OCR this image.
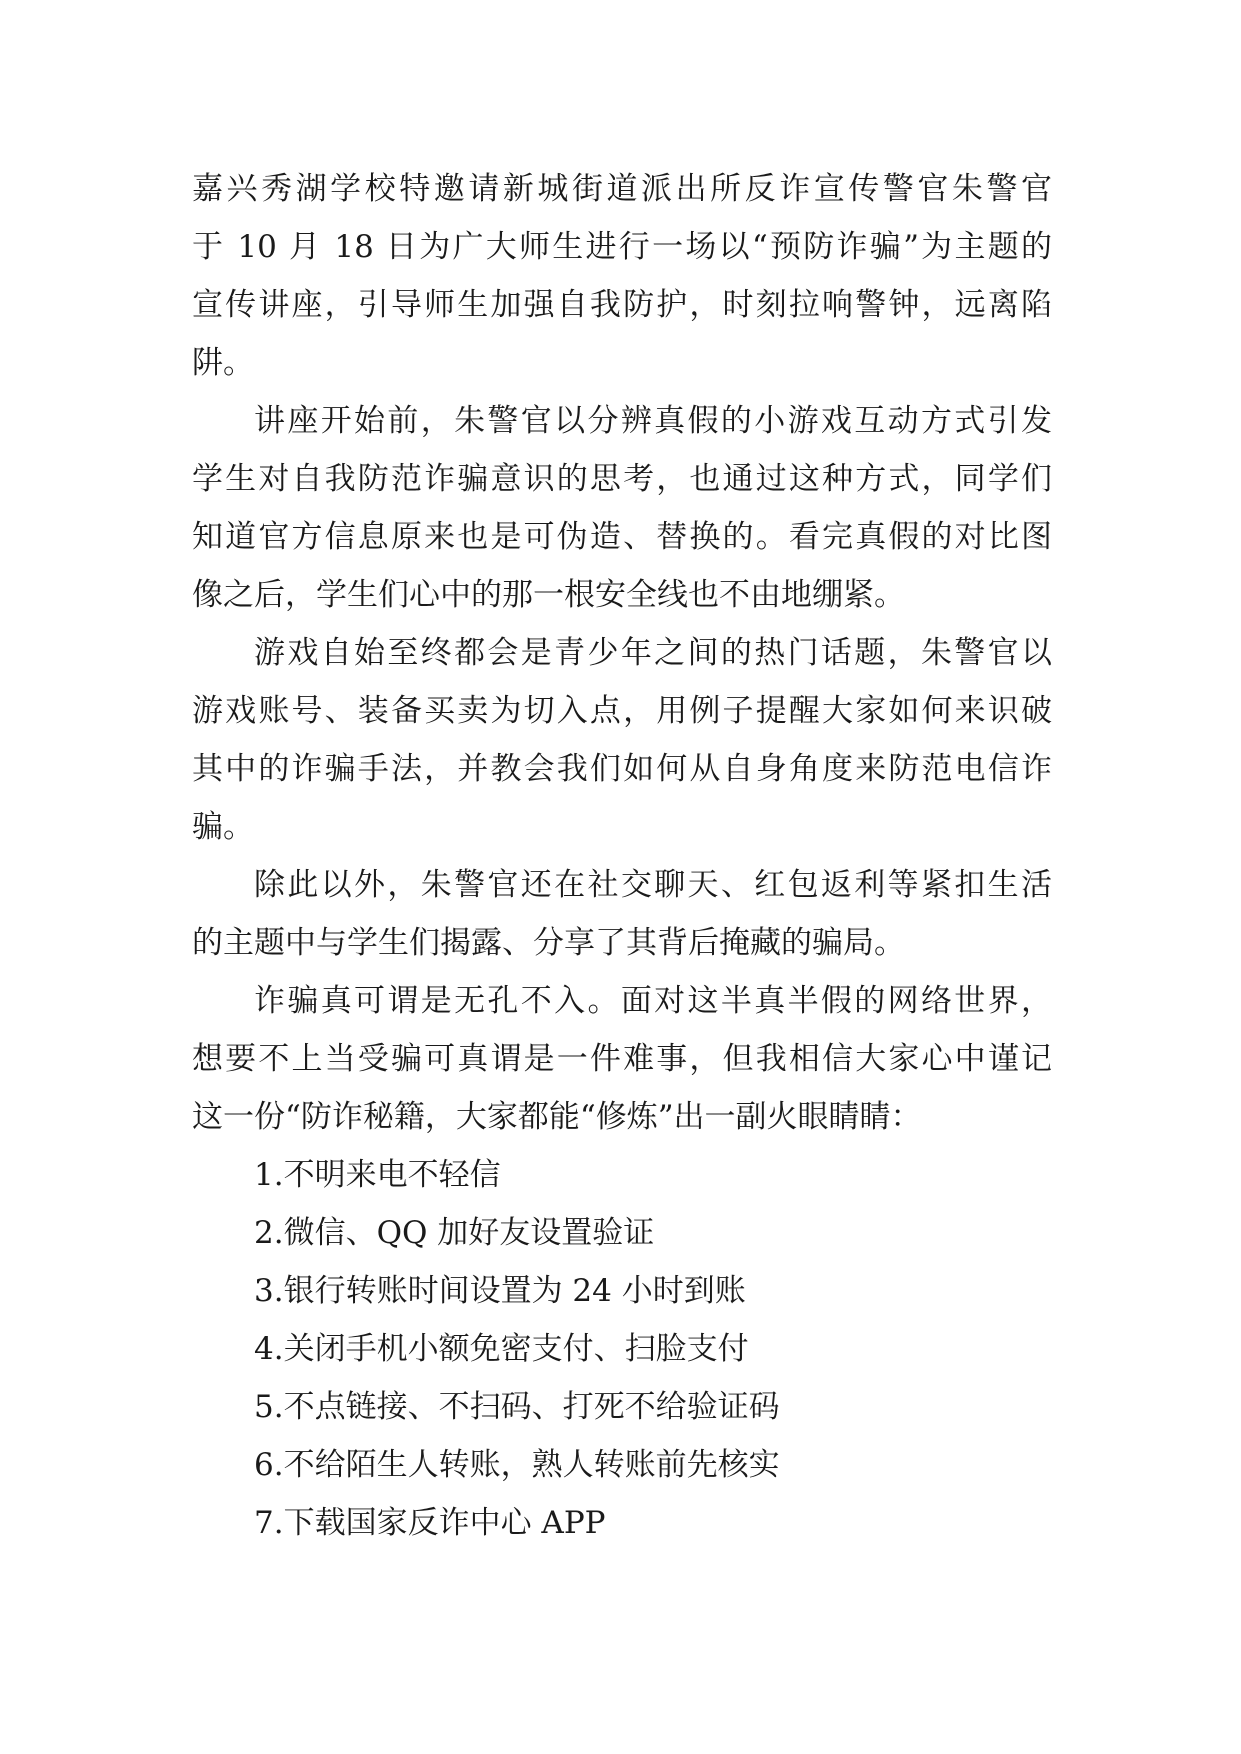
嘉兴秀湖学校特邀请新城街道派出所反诈宣传警官朱警官
于 10 月 18 日为广大师生进行一场以“预防诈骗”为主题的
宣传讲座，引导师生加强自我防护，时刻拉响警钟，远离陷
阱。
讲座开始前，朱警官以分辨真假的小游戏互动方式引发
学生对自我防范诈骗意识的思考，也通过这种方式，同学们
知道官方信息原来也是可伪造、替换的。看完真假的对比图
像之后，学生们心中的那一根安全线也不由地绷紧。
游戏自始至终都会是青少年之间的热门话题，朱警官以
游戏账号、装备买卖为切入点，用例子提醒大家如何来识破
其中的诈骗手法，并教会我们如何从自身角度来防范电信诈
骗。
除此以外，朱警官还在社交聊天、红包返利等紧扣生活
的主题中与学生们揭露、分享了其背后掩藏的骗局。
诈骗真可谓是无孔不入。面对这半真半假的网络世界，
想要不上当受骗可真谓是一件难事，但我相信大家心中谨记
这一份“防诈秘籍，大家都能“修炼”出一副火眼睛睛：
1.不明来电不轻信
2.微信、QQ 加好友设置验证
3.银行转账时间设置为 24 小时到账
4.关闭手机小额免密支付、扫脸支付
5.不点链接、不扫码、打死不给验证码
6.不给陌生人转账，熟人转账前先核实
7.下载国家反诈中心 APP
